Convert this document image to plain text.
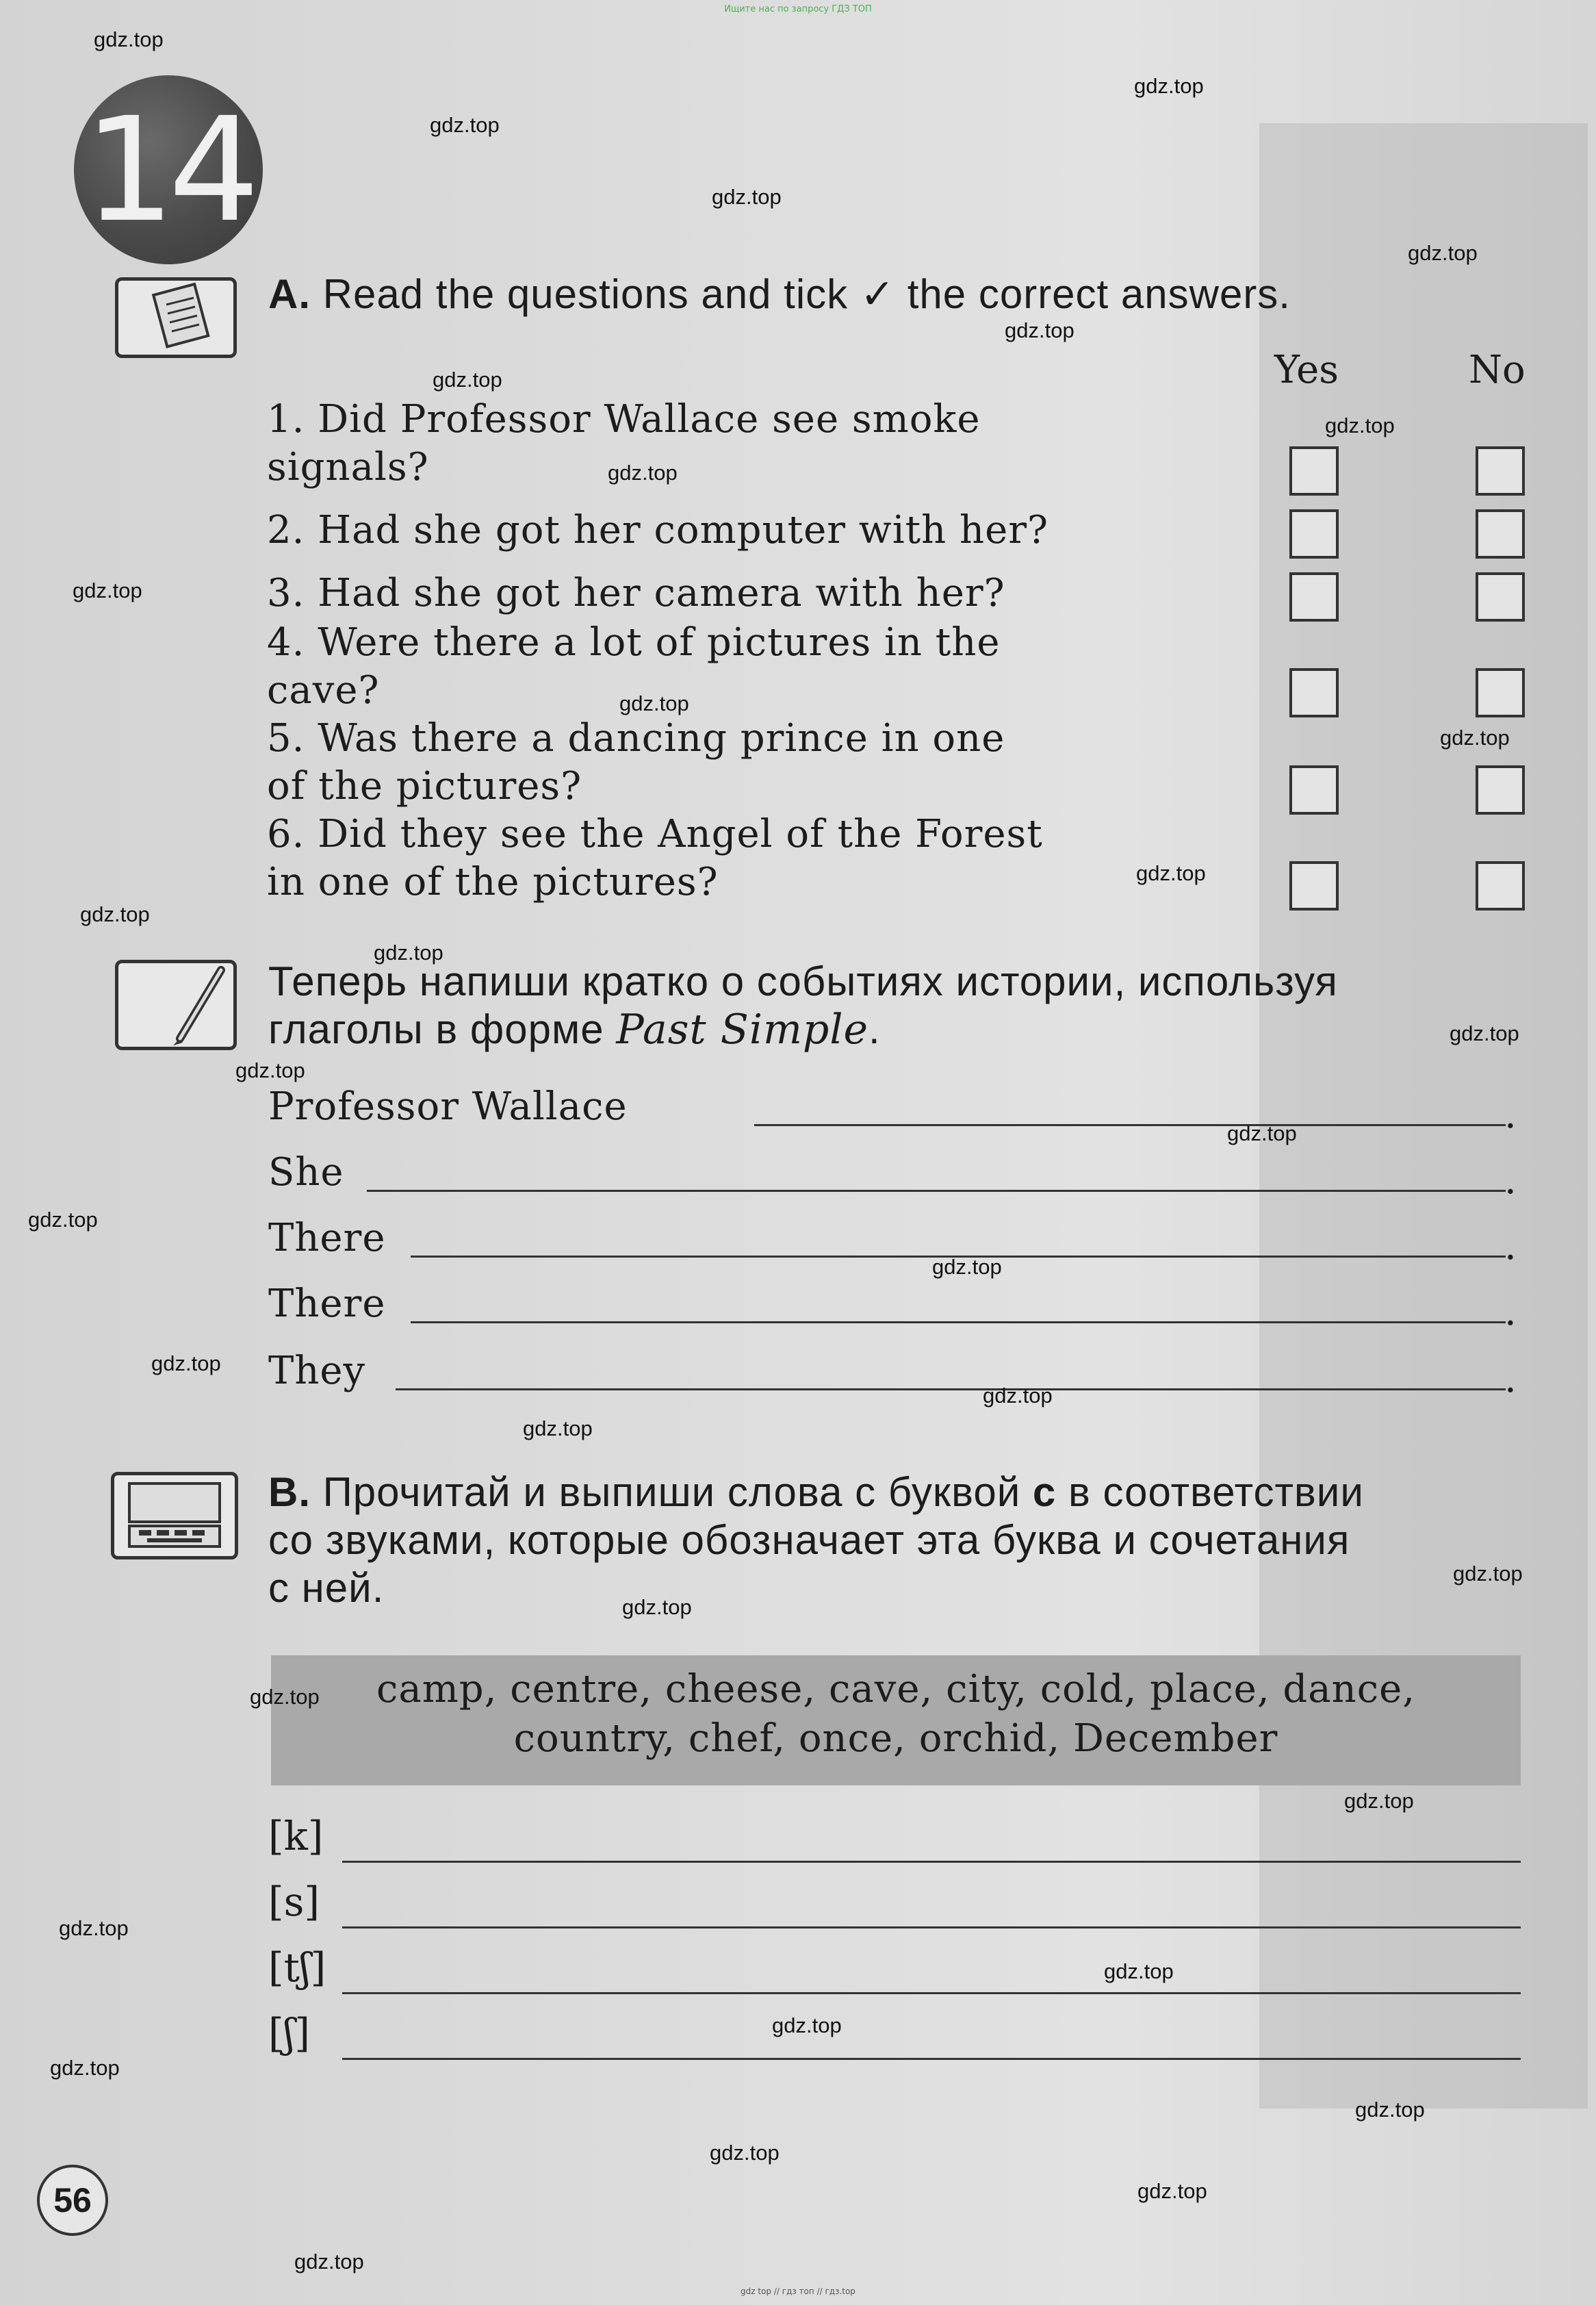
Ищите нас по запросу ГДЗ ТОП
14
A. Read the questions and tick ✓ the correct answers.
Yes	No
1. Did Professor Wallace see smoke
signals?
2. Had she got her computer with her?
3. Had she got her camera with her?
4. Were there a lot of pictures in the
cave?
5. Was there a dancing prince in one
of the pictures?
6. Did they see the Angel of the Forest
in one of the pictures?
Теперь напиши кратко о событиях истории, используя
глаголы в форме Past Simple.
Professor Wallace	.
She	.
There	.
There	.
They	.
B. Прочитай и выпиши слова с буквой c в соответствии
со звуками, которые обозначает эта буква и сочетания
с ней.
camp, centre, cheese, cave, city, cold, place, dance,
country, chef, once, orchid, December
[k]
[s]
[tʃ]
[ʃ]
56
gdz top // гдз топ // гдз.top
gdz.top
gdz.top
gdz.top
gdz.top
gdz.top
gdz.top
gdz.top
gdz.top
gdz.top
gdz.top
gdz.top
gdz.top
gdz.top
gdz.top
gdz.top
gdz.top
gdz.top
gdz.top
gdz.top
gdz.top
gdz.top
gdz.top
gdz.top
gdz.top
gdz.top
gdz.top
gdz.top
gdz.top
gdz.top
gdz.top
gdz.top
gdz.top
gdz.top
gdz.top
gdz.top
